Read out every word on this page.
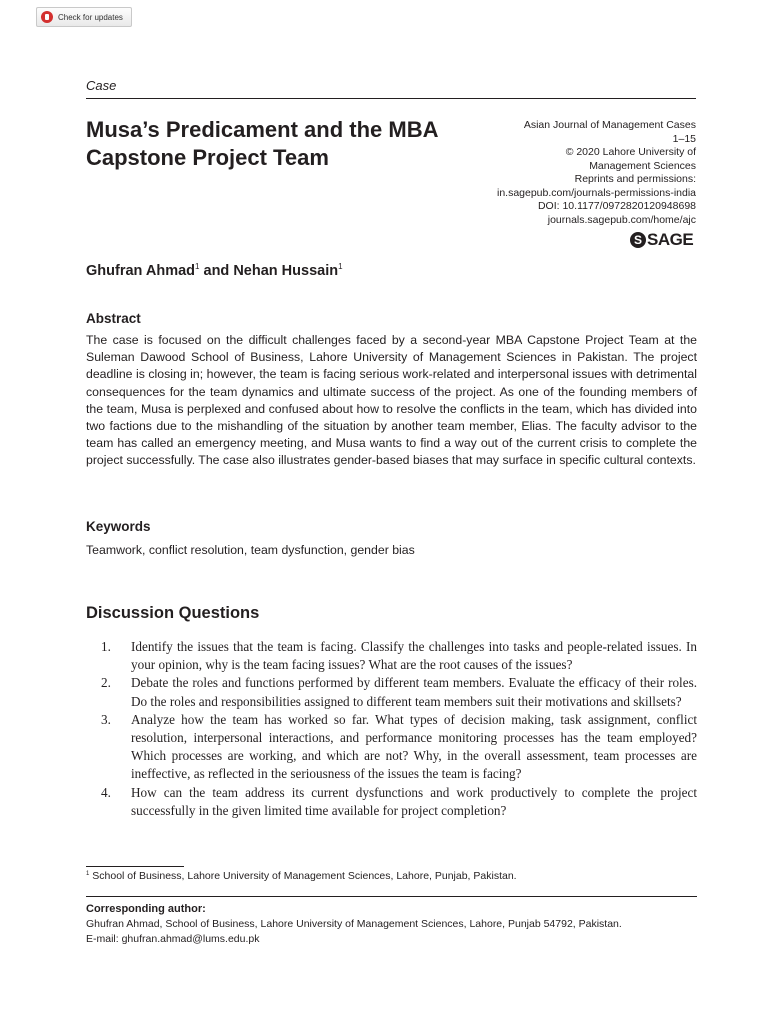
Check for updates
Case
Musa’s Predicament and the MBA Capstone Project Team
Asian Journal of Management Cases
1–15
© 2020 Lahore University of
Management Sciences
Reprints and permissions:
in.sagepub.com/journals-permissions-india
DOI: 10.1177/0972820120948698
journals.sagepub.com/home/ajc
S SAGE
Ghufran Ahmad$^1$ and Nehan Hussain$^1$
Abstract
The case is focused on the difficult challenges faced by a second-year MBA Capstone Project Team at the Suleman Dawood School of Business, Lahore University of Management Sciences in Pakistan. The project deadline is closing in; however, the team is facing serious work-related and interpersonal issues with detrimental consequences for the team dynamics and ultimate success of the project. As one of the founding members of the team, Musa is perplexed and confused about how to resolve the conflicts in the team, which has divided into two factions due to the mishandling of the situation by another team member, Elias. The faculty advisor to the team has called an emergency meeting, and Musa wants to find a way out of the current crisis to complete the project successfully. The case also illustrates gender-based biases that may surface in specific cultural contexts.
Keywords
Teamwork, conflict resolution, team dysfunction, gender bias
Discussion Questions
1.	Identify the issues that the team is facing. Classify the challenges into tasks and people-related issues. In your opinion, why is the team facing issues? What are the root causes of the issues?
2.	Debate the roles and functions performed by different team members. Evaluate the efficacy of their roles. Do the roles and responsibilities assigned to different team members suit their motivations and skillsets?
3.	Analyze how the team has worked so far. What types of decision making, task assignment, conflict resolution, interpersonal interactions, and performance monitoring processes has the team employed? Which processes are working, and which are not? Why, in the overall assessment, team processes are ineffective, as reflected in the seriousness of the issues the team is facing?
4.	How can the team address its current dysfunctions and work productively to complete the project successfully in the given limited time available for project completion?
$^1$ School of Business, Lahore University of Management Sciences, Lahore, Punjab, Pakistan.
Corresponding author:
Ghufran Ahmad, School of Business, Lahore University of Management Sciences, Lahore, Punjab 54792, Pakistan.
E-mail: ghufran.ahmad@lums.edu.pk
